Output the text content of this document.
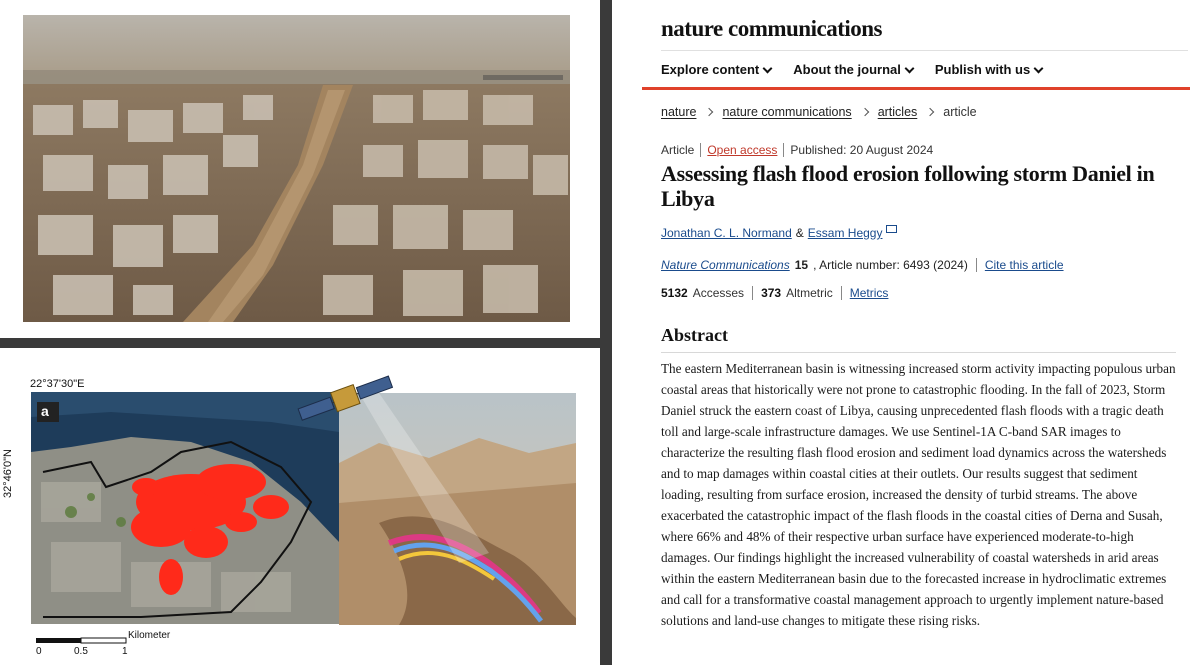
22°37'30"E
32°46'0"N
a
Kilometer
0	0.5	1
nature communications
Explore content	About the journal	Publish with us
nature nature communications articles article
Article Open access Published: 20 August 2024
Assessing flash flood erosion following storm Daniel in Libya
Jonathan C. L. Normand & Essam Heggy
Nature Communications 15 , Article number: 6493 (2024) Cite this article
5132 Accesses 373 Altmetric Metrics
Abstract
The eastern Mediterranean basin is witnessing increased storm activity impacting populous urban coastal areas that historically were not prone to catastrophic flooding. In the fall of 2023, Storm Daniel struck the eastern coast of Libya, causing unprecedented flash floods with a tragic death toll and large-scale infrastructure damages. We use Sentinel-1A C-band SAR images to characterize the resulting flash flood erosion and sediment load dynamics across the watersheds and to map damages within coastal cities at their outlets. Our results suggest that sediment loading, resulting from surface erosion, increased the density of turbid streams. The above exacerbated the catastrophic impact of the flash floods in the coastal cities of Derna and Susah, where 66% and 48% of their respective urban surface have experienced moderate-to-high damages. Our findings highlight the increased vulnerability of coastal watersheds in arid areas within the eastern Mediterranean basin due to the forecasted increase in hydroclimatic extremes and call for a transformative coastal management approach to urgently implement nature-based solutions and land-use changes to mitigate these rising risks.
